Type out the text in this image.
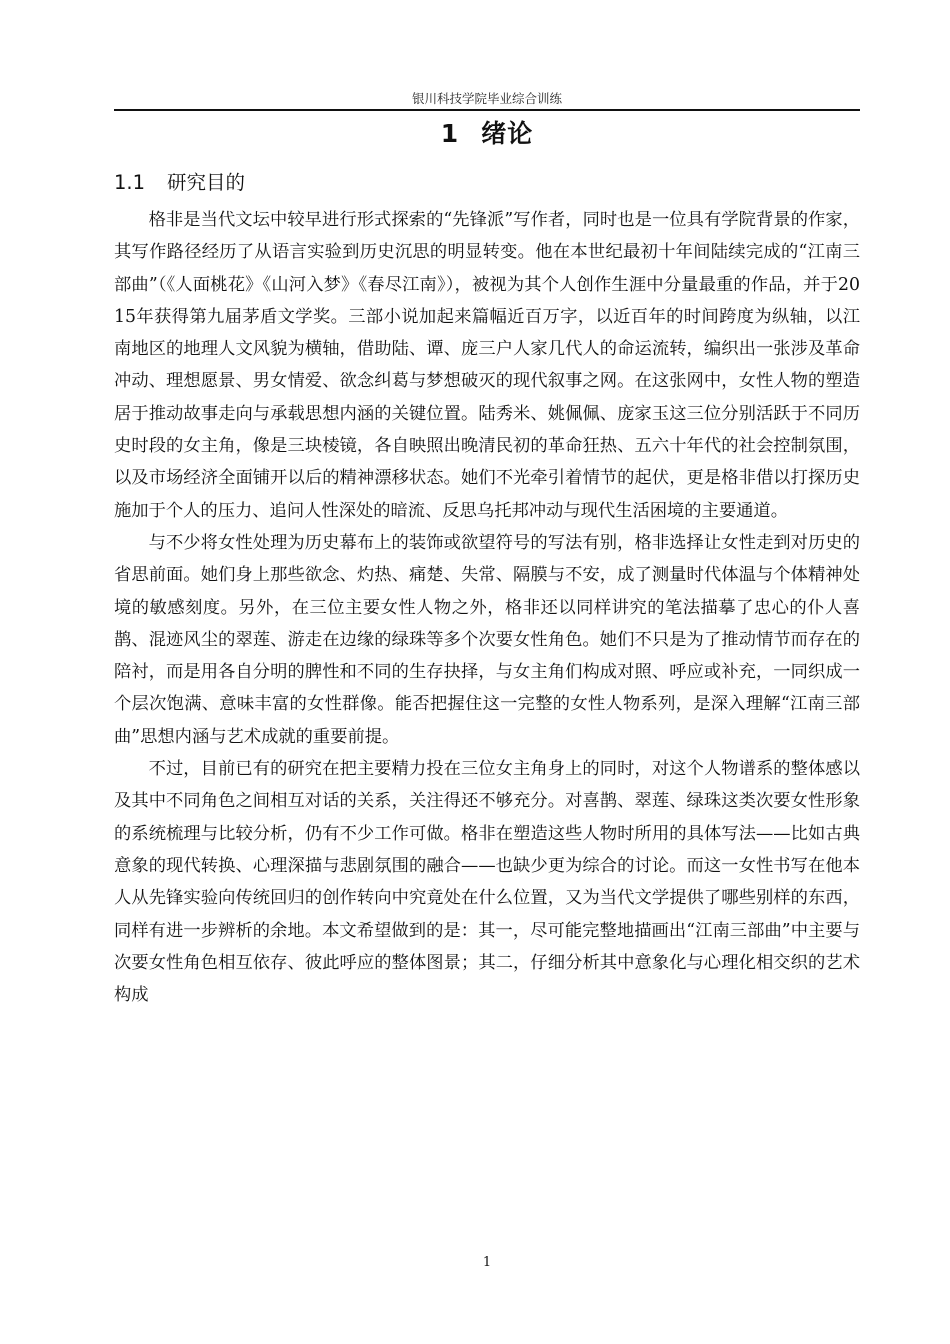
银川科技学院毕业综合训练
1 绪论
1.1 研究目的

格非是当代文坛中较早进行形式探索的“先锋派”写作者，同时也是一位具有学院背景的作家，其写作路径经历了从语言实验到历史沉思的明显转变。他在本世纪最初十年间陆续完成的“江南三部曲”（《人面桃花》《山河入梦》《春尽江南》），被视为其个人创作生涯中分量最重的作品，并于2015年获得第九届茅盾文学奖。三部小说加起来篇幅近百万字，以近百年的时间跨度为纵轴，以江南地区的地理人文风貌为横轴，借助陆、谭、庞三户人家几代人的命运流转，编织出一张涉及革命冲动、理想愿景、男女情爱、欲念纠葛与梦想破灭的现代叙事之网。在这张网中，女性人物的塑造居于推动故事走向与承载思想内涵的关键位置。陆秀米、姚佩佩、庞家玉这三位分别活跃于不同历史时段的女主角，像是三块棱镜，各自映照出晚清民初的革命狂热、五六十年代的社会控制氛围，以及市场经济全面铺开以后的精神漂移状态。她们不光牵引着情节的起伏，更是格非借以打探历史施加于个人的压力、追问人性深处的暗流、反思乌托邦冲动与现代生活困境的主要通道。

与不少将女性处理为历史幕布上的装饰或欲望符号的写法有别，格非选择让女性走到对历史的省思前面。她们身上那些欲念、灼热、痛楚、失常、隔膜与不安，成了测量时代体温与个体精神处境的敏感刻度。另外，在三位主要女性人物之外，格非还以同样讲究的笔法描摹了忠心的仆人喜鹊、混迹风尘的翠莲、游走在边缘的绿珠等多个次要女性角色。她们不只是为了推动情节而存在的陪衬，而是用各自分明的脾性和不同的生存抉择，与女主角们构成对照、呼应或补充，一同织成一个层次饱满、意味丰富的女性群像。能否把握住这一完整的女性人物系列，是深入理解“江南三部曲”思想内涵与艺术成就的重要前提。

不过，目前已有的研究在把主要精力投在三位女主角身上的同时，对这个人物谱系的整体感以及其中不同角色之间相互对话的关系，关注得还不够充分。对喜鹊、翠莲、绿珠这类次要女性形象的系统梳理与比较分析，仍有不少工作可做。格非在塑造这些人物时所用的具体写法——比如古典意象的现代转换、心理深描与悲剧氛围的融合——也缺少更为综合的讨论。而这一女性书写在他本人从先锋实验向传统回归的创作转向中究竟处在什么位置，又为当代文学提供了哪些别样的东西，同样有进一步辨析的余地。本文希望做到的是：其一，尽可能完整地描画出“江南三部曲”中主要与次要女性角色相互依存、彼此呼应的整体图景；其二，仔细分析其中意象化与心理化相交织的艺术构成

1
